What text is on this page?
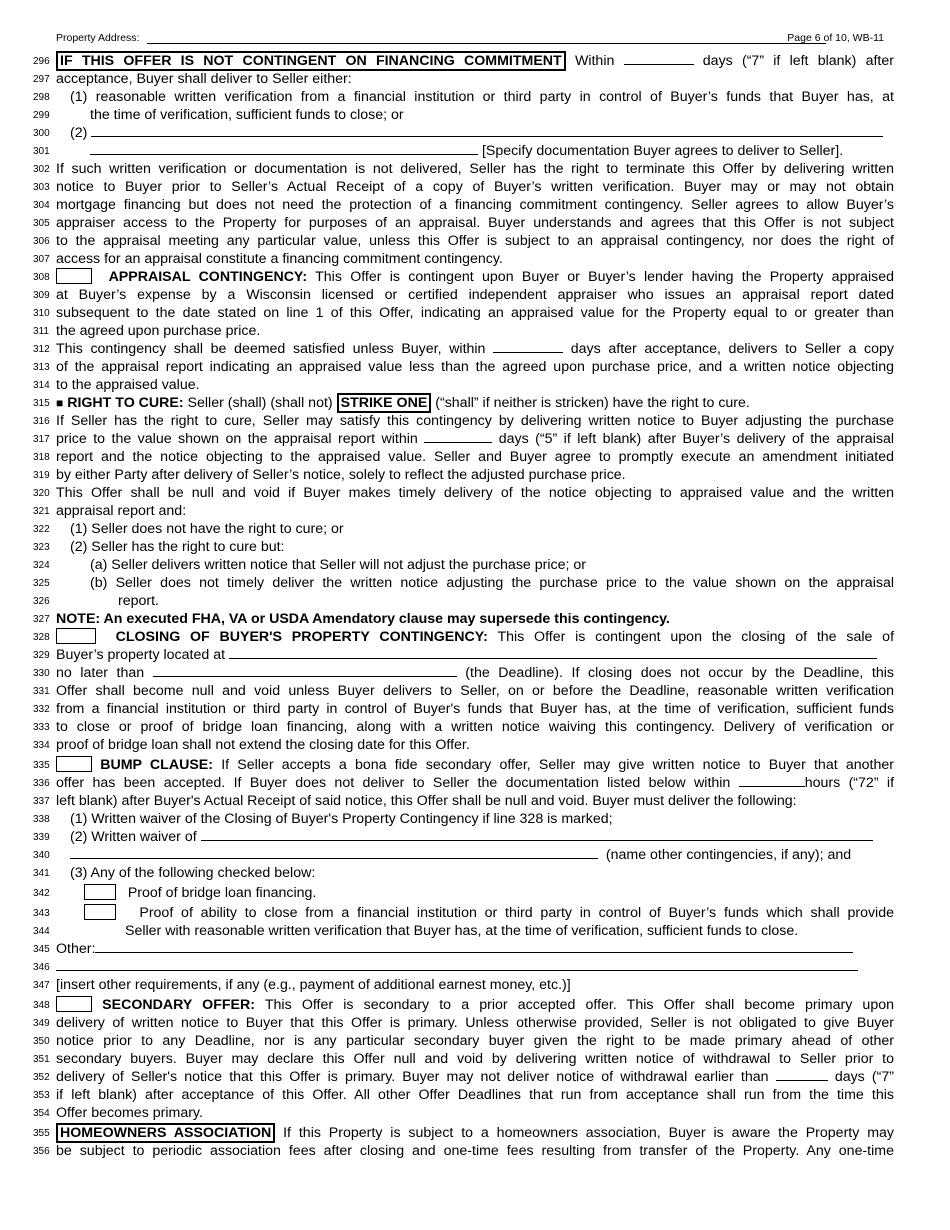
Property Address:	Page 6 of 10, WB-11
296 IF THIS OFFER IS NOT CONTINGENT ON FINANCING COMMITMENT Within	days (“7” if left blank) after
297 acceptance, Buyer shall deliver to Seller either:
298 (1) reasonable written verification from a financial institution or third party in control of Buyer’s funds that Buyer has, at
299	the time of verification, sufficient funds to close; or
300 (2)
301	[Specify documentation Buyer agrees to deliver to Seller].
302 If such written verification or documentation is not delivered, Seller has the right to terminate this Offer by delivering written
303 notice to Buyer prior to Seller’s Actual Receipt of a copy of Buyer’s written verification. Buyer may or may not obtain
304 mortgage financing but does not need the protection of a financing commitment contingency. Seller agrees to allow Buyer’s
305 appraiser access to the Property for purposes of an appraisal. Buyer understands and agrees that this Offer is not subject
306 to the appraisal meeting any particular value, unless this Offer is subject to an appraisal contingency, nor does the right of
307 access for an appraisal constitute a financing commitment contingency.
308	APPRAISAL CONTINGENCY: This Offer is contingent upon Buyer or Buyer’s lender having the Property appraised
309 at Buyer’s expense by a Wisconsin licensed or certified independent appraiser who issues an appraisal report dated
310 subsequent to the date stated on line 1 of this Offer, indicating an appraised value for the Property equal to or greater than
311 the agreed upon purchase price.
312 This contingency shall be deemed satisfied unless Buyer, within	days after acceptance, delivers to Seller a copy
313 of the appraisal report indicating an appraised value less than the agreed upon purchase price, and a written notice objecting
314 to the appraised value.
315 ■ RIGHT TO CURE: Seller (shall) (shall not) STRIKE ONE (“shall” if neither is stricken) have the right to cure.
316 If Seller has the right to cure, Seller may satisfy this contingency by delivering written notice to Buyer adjusting the purchase
317 price to the value shown on the appraisal report within	days (“5” if left blank) after Buyer’s delivery of the appraisal
318 report and the notice objecting to the appraised value. Seller and Buyer agree to promptly execute an amendment initiated
319 by either Party after delivery of Seller’s notice, solely to reflect the adjusted purchase price.
320 This Offer shall be null and void if Buyer makes timely delivery of the notice objecting to appraised value and the written
321 appraisal report and:
322 (1) Seller does not have the right to cure; or
323 (2) Seller has the right to cure but:
324	(a) Seller delivers written notice that Seller will not adjust the purchase price; or
325	(b) Seller does not timely deliver the written notice adjusting the purchase price to the value shown on the appraisal
326	report.
327 NOTE: An executed FHA, VA or USDA Amendatory clause may supersede this contingency.
328	CLOSING OF BUYER'S PROPERTY CONTINGENCY: This Offer is contingent upon the closing of the sale of
329 Buyer’s property located at
330 no later than	(the Deadline). If closing does not occur by the Deadline, this
331 Offer shall become null and void unless Buyer delivers to Seller, on or before the Deadline, reasonable written verification
332 from a financial institution or third party in control of Buyer's funds that Buyer has, at the time of verification, sufficient funds
333 to close or proof of bridge loan financing, along with a written notice waiving this contingency. Delivery of verification or
334 proof of bridge loan shall not extend the closing date for this Offer.
335	BUMP CLAUSE: If Seller accepts a bona fide secondary offer, Seller may give written notice to Buyer that another
336 offer has been accepted. If Buyer does not deliver to Seller the documentation listed below within	hours (“72” if
337 left blank) after Buyer's Actual Receipt of said notice, this Offer shall be null and void. Buyer must deliver the following:
338 (1) Written waiver of the Closing of Buyer's Property Contingency if line 328 is marked;
339 (2) Written waiver of
340	(name other contingencies, if any); and
341 (3) Any of the following checked below:
342	Proof of bridge loan financing.
343	Proof of ability to close from a financial institution or third party in control of Buyer’s funds which shall provide
344	Seller with reasonable written verification that Buyer has, at the time of verification, sufficient funds to close.
345 Other:
346
347 [insert other requirements, if any (e.g., payment of additional earnest money, etc.)]
348	SECONDARY OFFER: This Offer is secondary to a prior accepted offer. This Offer shall become primary upon
349 delivery of written notice to Buyer that this Offer is primary. Unless otherwise provided, Seller is not obligated to give Buyer
350 notice prior to any Deadline, nor is any particular secondary buyer given the right to be made primary ahead of other
351 secondary buyers. Buyer may declare this Offer null and void by delivering written notice of withdrawal to Seller prior to
352 delivery of Seller's notice that this Offer is primary. Buyer may not deliver notice of withdrawal earlier than	days (“7”
353 if left blank) after acceptance of this Offer. All other Offer Deadlines that run from acceptance shall run from the time this
354 Offer becomes primary.
355 HOMEOWNERS ASSOCIATION If this Property is subject to a homeowners association, Buyer is aware the Property may
356 be subject to periodic association fees after closing and one-time fees resulting from transfer of the Property. Any one-time
